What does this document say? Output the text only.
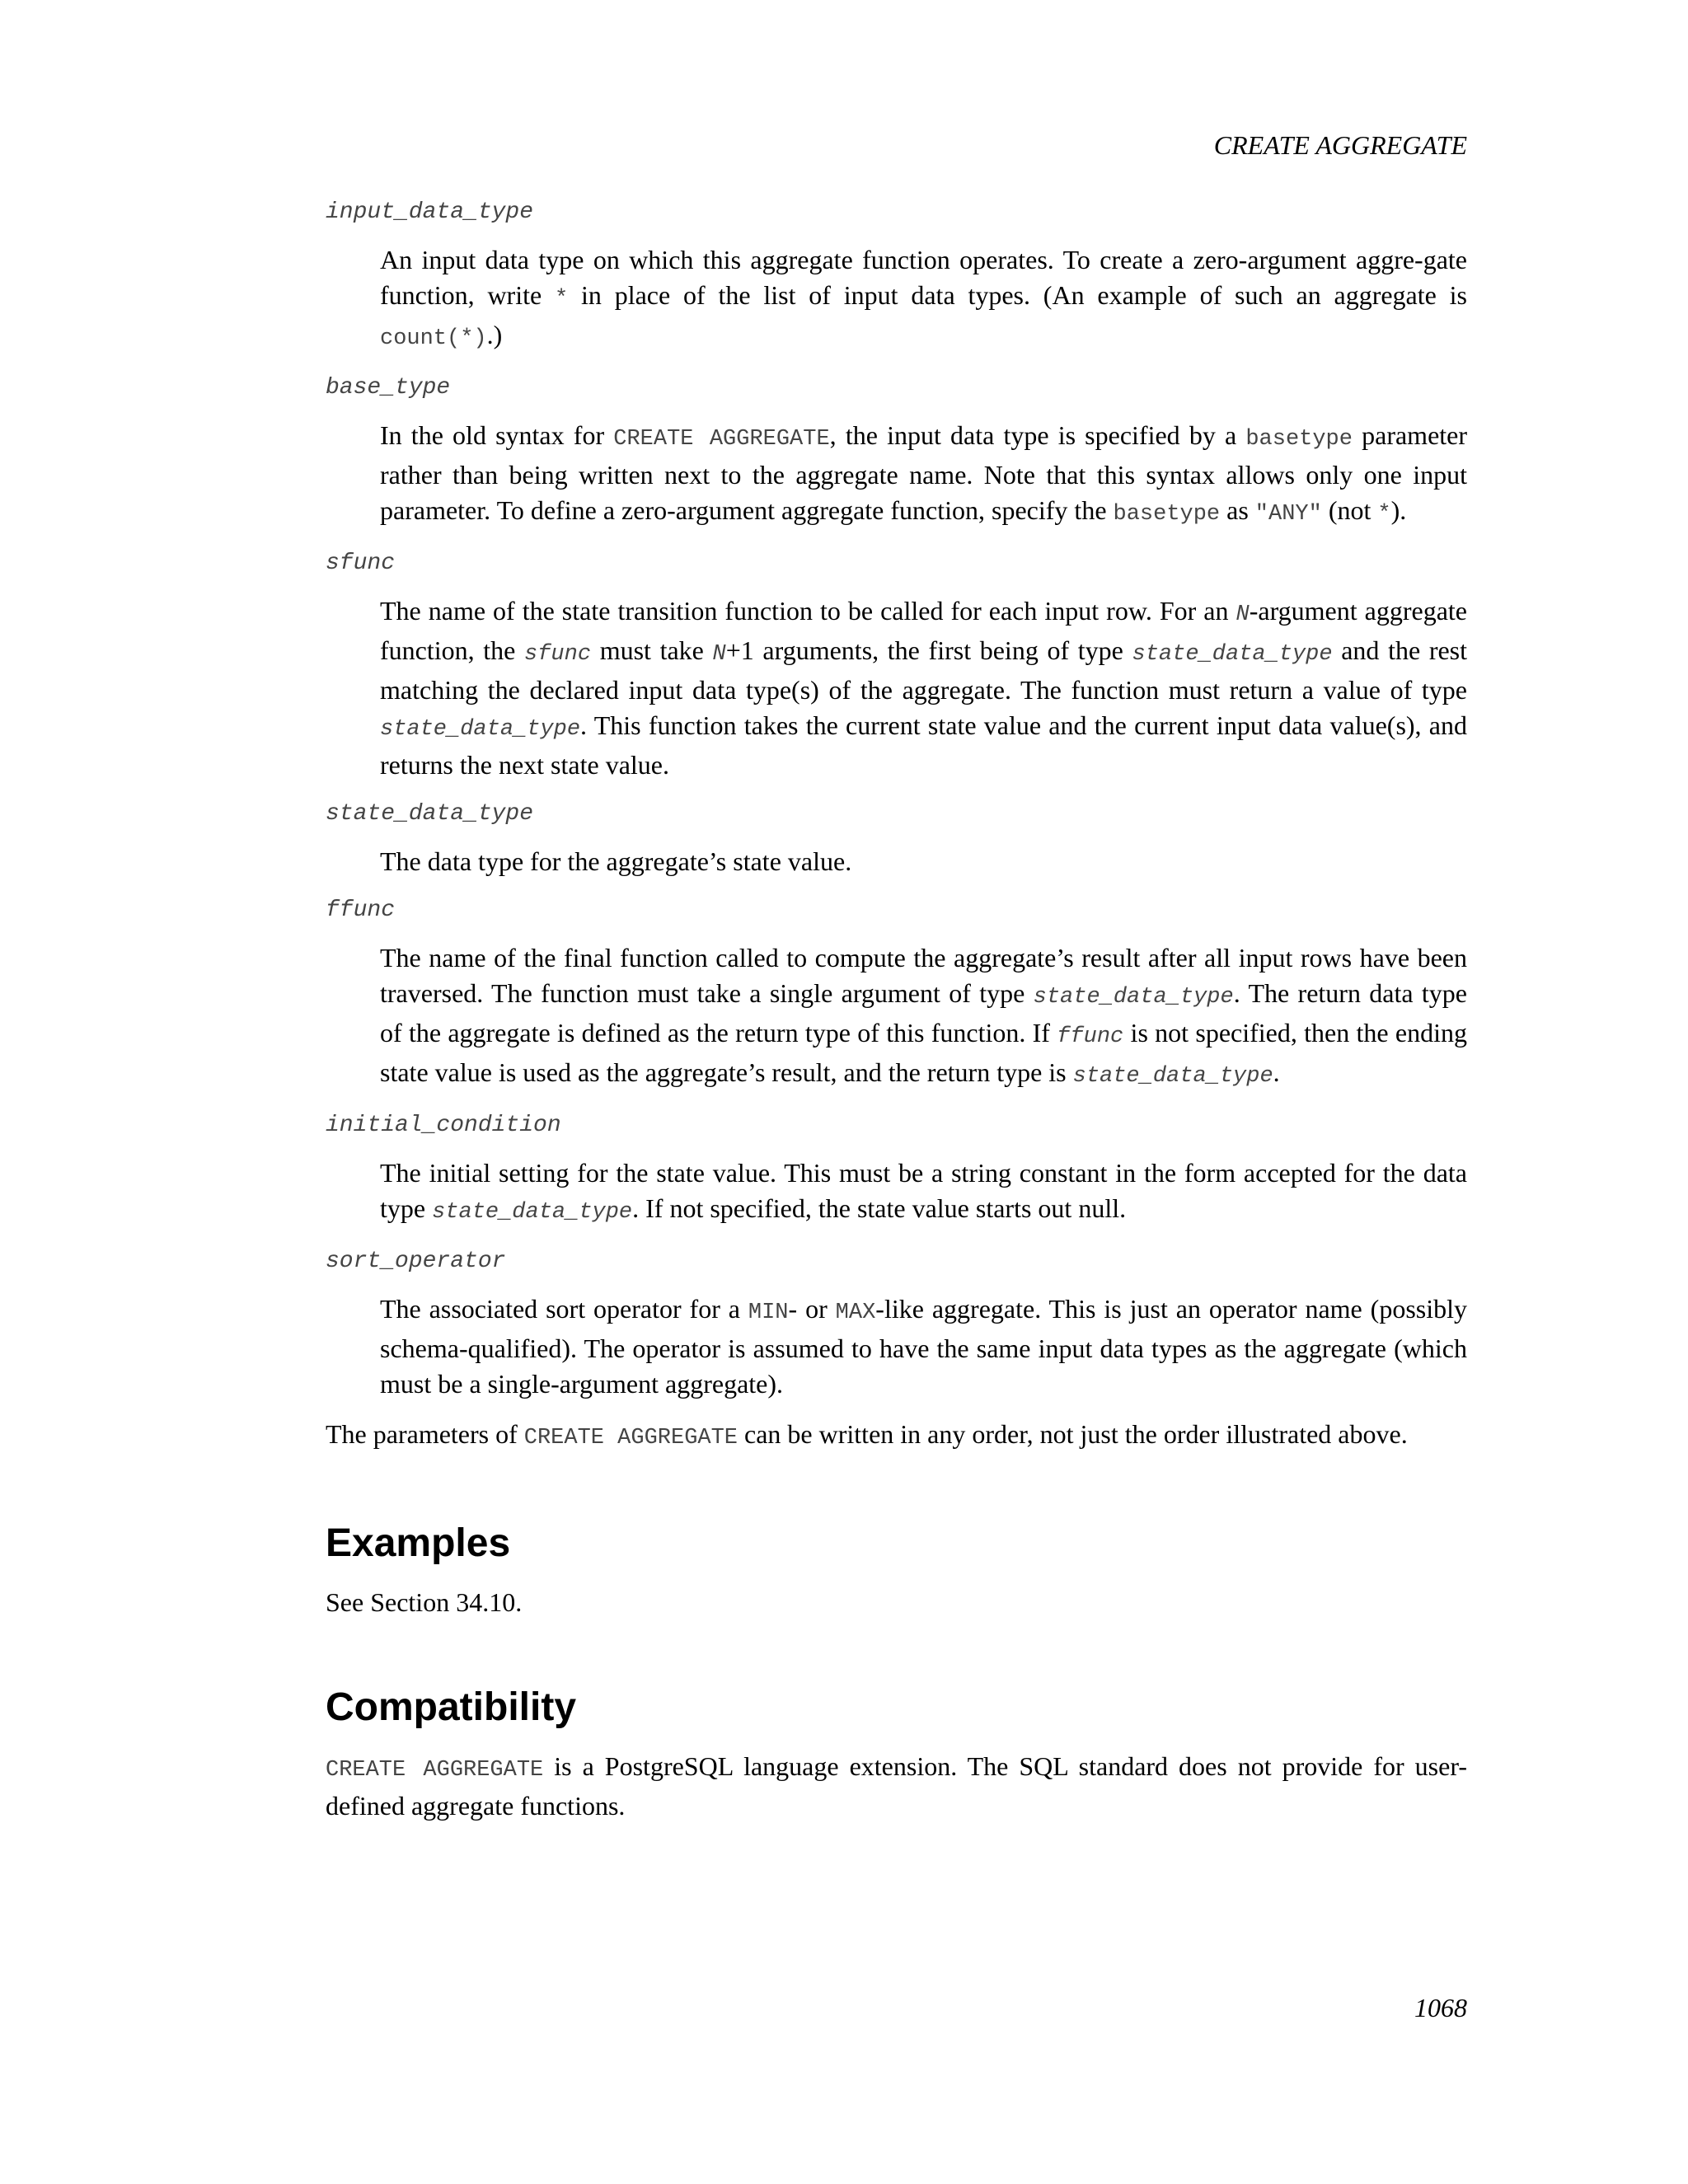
CREATE AGGREGATE
input_data_type

An input data type on which this aggregate function operates. To create a zero-argument aggre-gate function, write * in place of the list of input data types. (An example of such an aggregate is count(*).)

base_type

In the old syntax for CREATE AGGREGATE, the input data type is specified by a basetype parameter rather than being written next to the aggregate name. Note that this syntax allows only one input parameter. To define a zero-argument aggregate function, specify the basetype as "ANY" (not *).

sfunc

The name of the state transition function to be called for each input row. For an N-argument aggregate function, the sfunc must take N+1 arguments, the first being of type state_data_type and the rest matching the declared input data type(s) of the aggregate. The function must return a value of type state_data_type. This function takes the current state value and the current input data value(s), and returns the next state value.

state_data_type

The data type for the aggregate’s state value.

ffunc

The name of the final function called to compute the aggregate’s result after all input rows have been traversed. The function must take a single argument of type state_data_type. The return data type of the aggregate is defined as the return type of this function. If ffunc is not specified, then the ending state value is used as the aggregate’s result, and the return type is state_data_type.

initial_condition

The initial setting for the state value. This must be a string constant in the form accepted for the data type state_data_type. If not specified, the state value starts out null.

sort_operator

The associated sort operator for a MIN- or MAX-like aggregate. This is just an operator name (possibly schema-qualified). The operator is assumed to have the same input data types as the aggregate (which must be a single-argument aggregate).

The parameters of CREATE AGGREGATE can be written in any order, not just the order illustrated above.

Examples

See Section 34.10.

Compatibility

CREATE AGGREGATE is a PostgreSQL language extension. The SQL standard does not provide for user-defined aggregate functions.

1068
